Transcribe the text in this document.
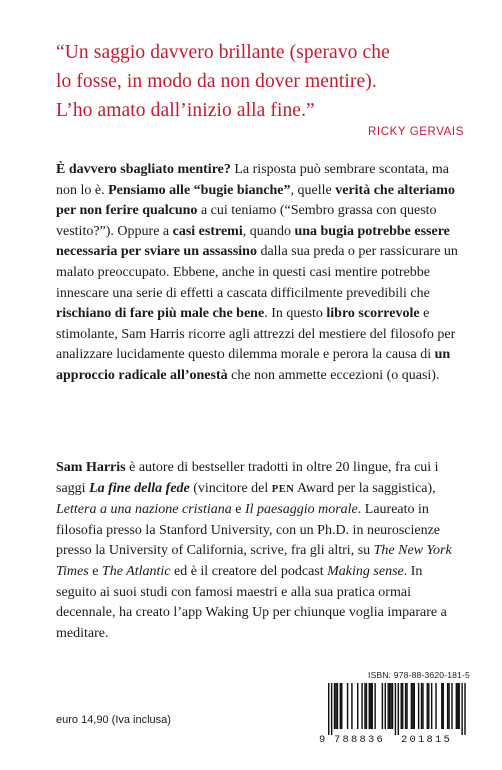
“Un saggio davvero brillante (speravo che
lo fosse, in modo da non dover mentire).
L’ho amato dall’inizio alla fine.”
RICKY GERVAIS
È davvero sbagliato mentire? La risposta può sembrare scontata, ma non lo è. Pensiamo alle “bugie bianche”, quelle verità che alteriamo per non ferire qualcuno a cui teniamo (“Sembro grassa con questo vestito?”). Oppure a casi estremi, quando una bugia potrebbe essere necessaria per sviare un assassino dalla sua preda o per rassicurare un malato preoccupato. Ebbene, anche in questi casi mentire potrebbe innescare una serie di effetti a cascata difficilmente prevedibili che rischiano di fare più male che bene. In questo libro scorrevole e stimolante, Sam Harris ricorre agli attrezzi del mestiere del filosofo per analizzare lucidamente questo dilemma morale e perora la causa di un approccio radicale all’onestà che non ammette eccezioni (o quasi).
Sam Harris è autore di bestseller tradotti in oltre 20 lingue, fra cui i saggi La fine della fede (vincitore del PEN Award per la saggistica), Lettera a una nazione cristiana e Il paesaggio morale. Laureato in filosofia presso la Stanford University, con un Ph.D. in neuroscienze presso la University of California, scrive, fra gli altri, su The New York Times e The Atlantic ed è il creatore del podcast Making sense. In seguito ai suoi studi con famosi maestri e alla sua pratica ormai decennale, ha creato l’app Waking Up per chiunque voglia imparare a meditare.
euro 14,90 (Iva inclusa)
ISBN: 978-88-3620-181-5
9 788836 201815
